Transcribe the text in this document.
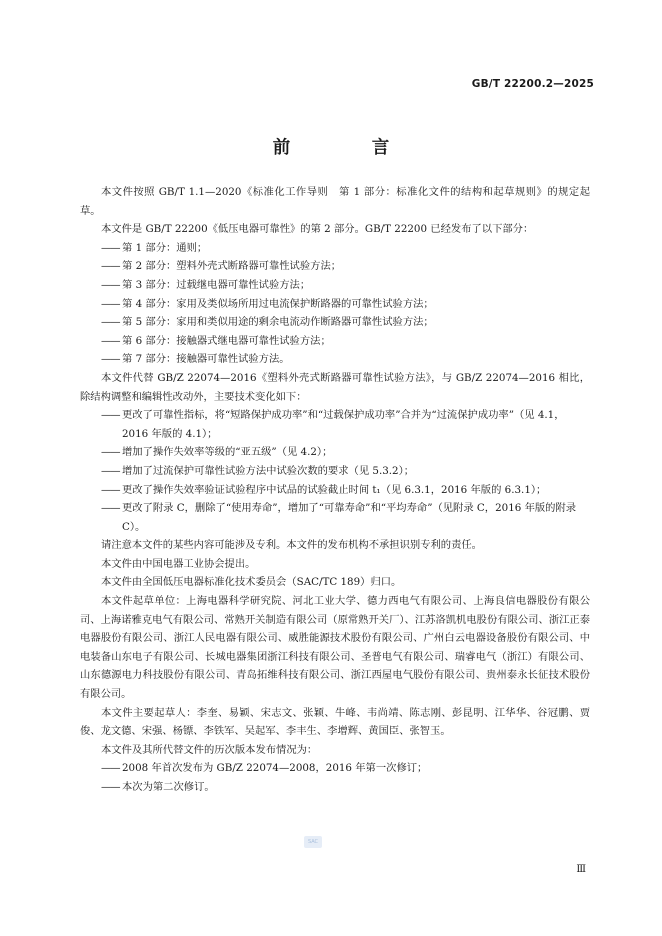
GB/T 22200.2—2025
前　言

本文件按照 GB/T 1.1—2020《标准化工作导则　第 1 部分：标准化文件的结构和起草规则》的规定起草。

本文件是 GB/T 22200《低压电器可靠性》的第 2 部分。GB/T 22200 已经发布了以下部分：

—— 第 1 部分：通则；

—— 第 2 部分：塑料外壳式断路器可靠性试验方法；

—— 第 3 部分：过载继电器可靠性试验方法；

—— 第 4 部分：家用及类似场所用过电流保护断路器的可靠性试验方法；

—— 第 5 部分：家用和类似用途的剩余电流动作断路器可靠性试验方法；

—— 第 6 部分：接触器式继电器可靠性试验方法；

—— 第 7 部分：接触器可靠性试验方法。

本文件代替 GB/Z 22074—2016《塑料外壳式断路器可靠性试验方法》，与 GB/Z 22074—2016 相比，除结构调整和编辑性改动外，主要技术变化如下：

—— 更改了可靠性指标，将“短路保护成功率”和“过载保护成功率”合并为“过流保护成功率”（见 4.1，2016 年版的 4.1）；

—— 增加了操作失效率等级的“亚五级”（见 4.2）；

—— 增加了过流保护可靠性试验方法中试验次数的要求（见 5.3.2）；

—— 更改了操作失效率验证试验程序中试品的试验截止时间 t₁（见 6.3.1，2016 年版的 6.3.1）；

—— 更改了附录 C，删除了“使用寿命”，增加了“可靠寿命”和“平均寿命”（见附录 C，2016 年版的附录 C）。

请注意本文件的某些内容可能涉及专利。本文件的发布机构不承担识别专利的责任。

本文件由中国电器工业协会提出。

本文件由全国低压电器标准化技术委员会（SAC/TC 189）归口。

本文件起草单位：上海电器科学研究院、河北工业大学、德力西电气有限公司、上海良信电器股份有限公司、上海诺雅克电气有限公司、常熟开关制造有限公司（原常熟开关厂）、江苏洛凯机电股份有限公司、浙江正泰电器股份有限公司、浙江人民电器有限公司、威胜能源技术股份有限公司、广州白云电器设备股份有限公司、中电装备山东电子有限公司、长城电器集团浙江科技有限公司、圣普电气有限公司、瑞睿电气（浙江）有限公司、山东德源电力科技股份有限公司、青岛拓维科技有限公司、浙江西屋电气股份有限公司、贵州泰永长征技术股份有限公司。

本文件主要起草人：李奎、易颖、宋志文、张颖、牛峰、韦尚靖、陈志刚、彭昆明、江华华、谷冠鹏、贾俊、龙文德、宋强、杨镖、李铁军、吴起军、李丰生、李增辉、黄国臣、张智玉。

本文件及其所代替文件的历次版本发布情况为：

—— 2008 年首次发布为 GB/Z 22074—2008，2016 年第一次修订；

—— 本次为第二次修订。

SAC
Ⅲ
